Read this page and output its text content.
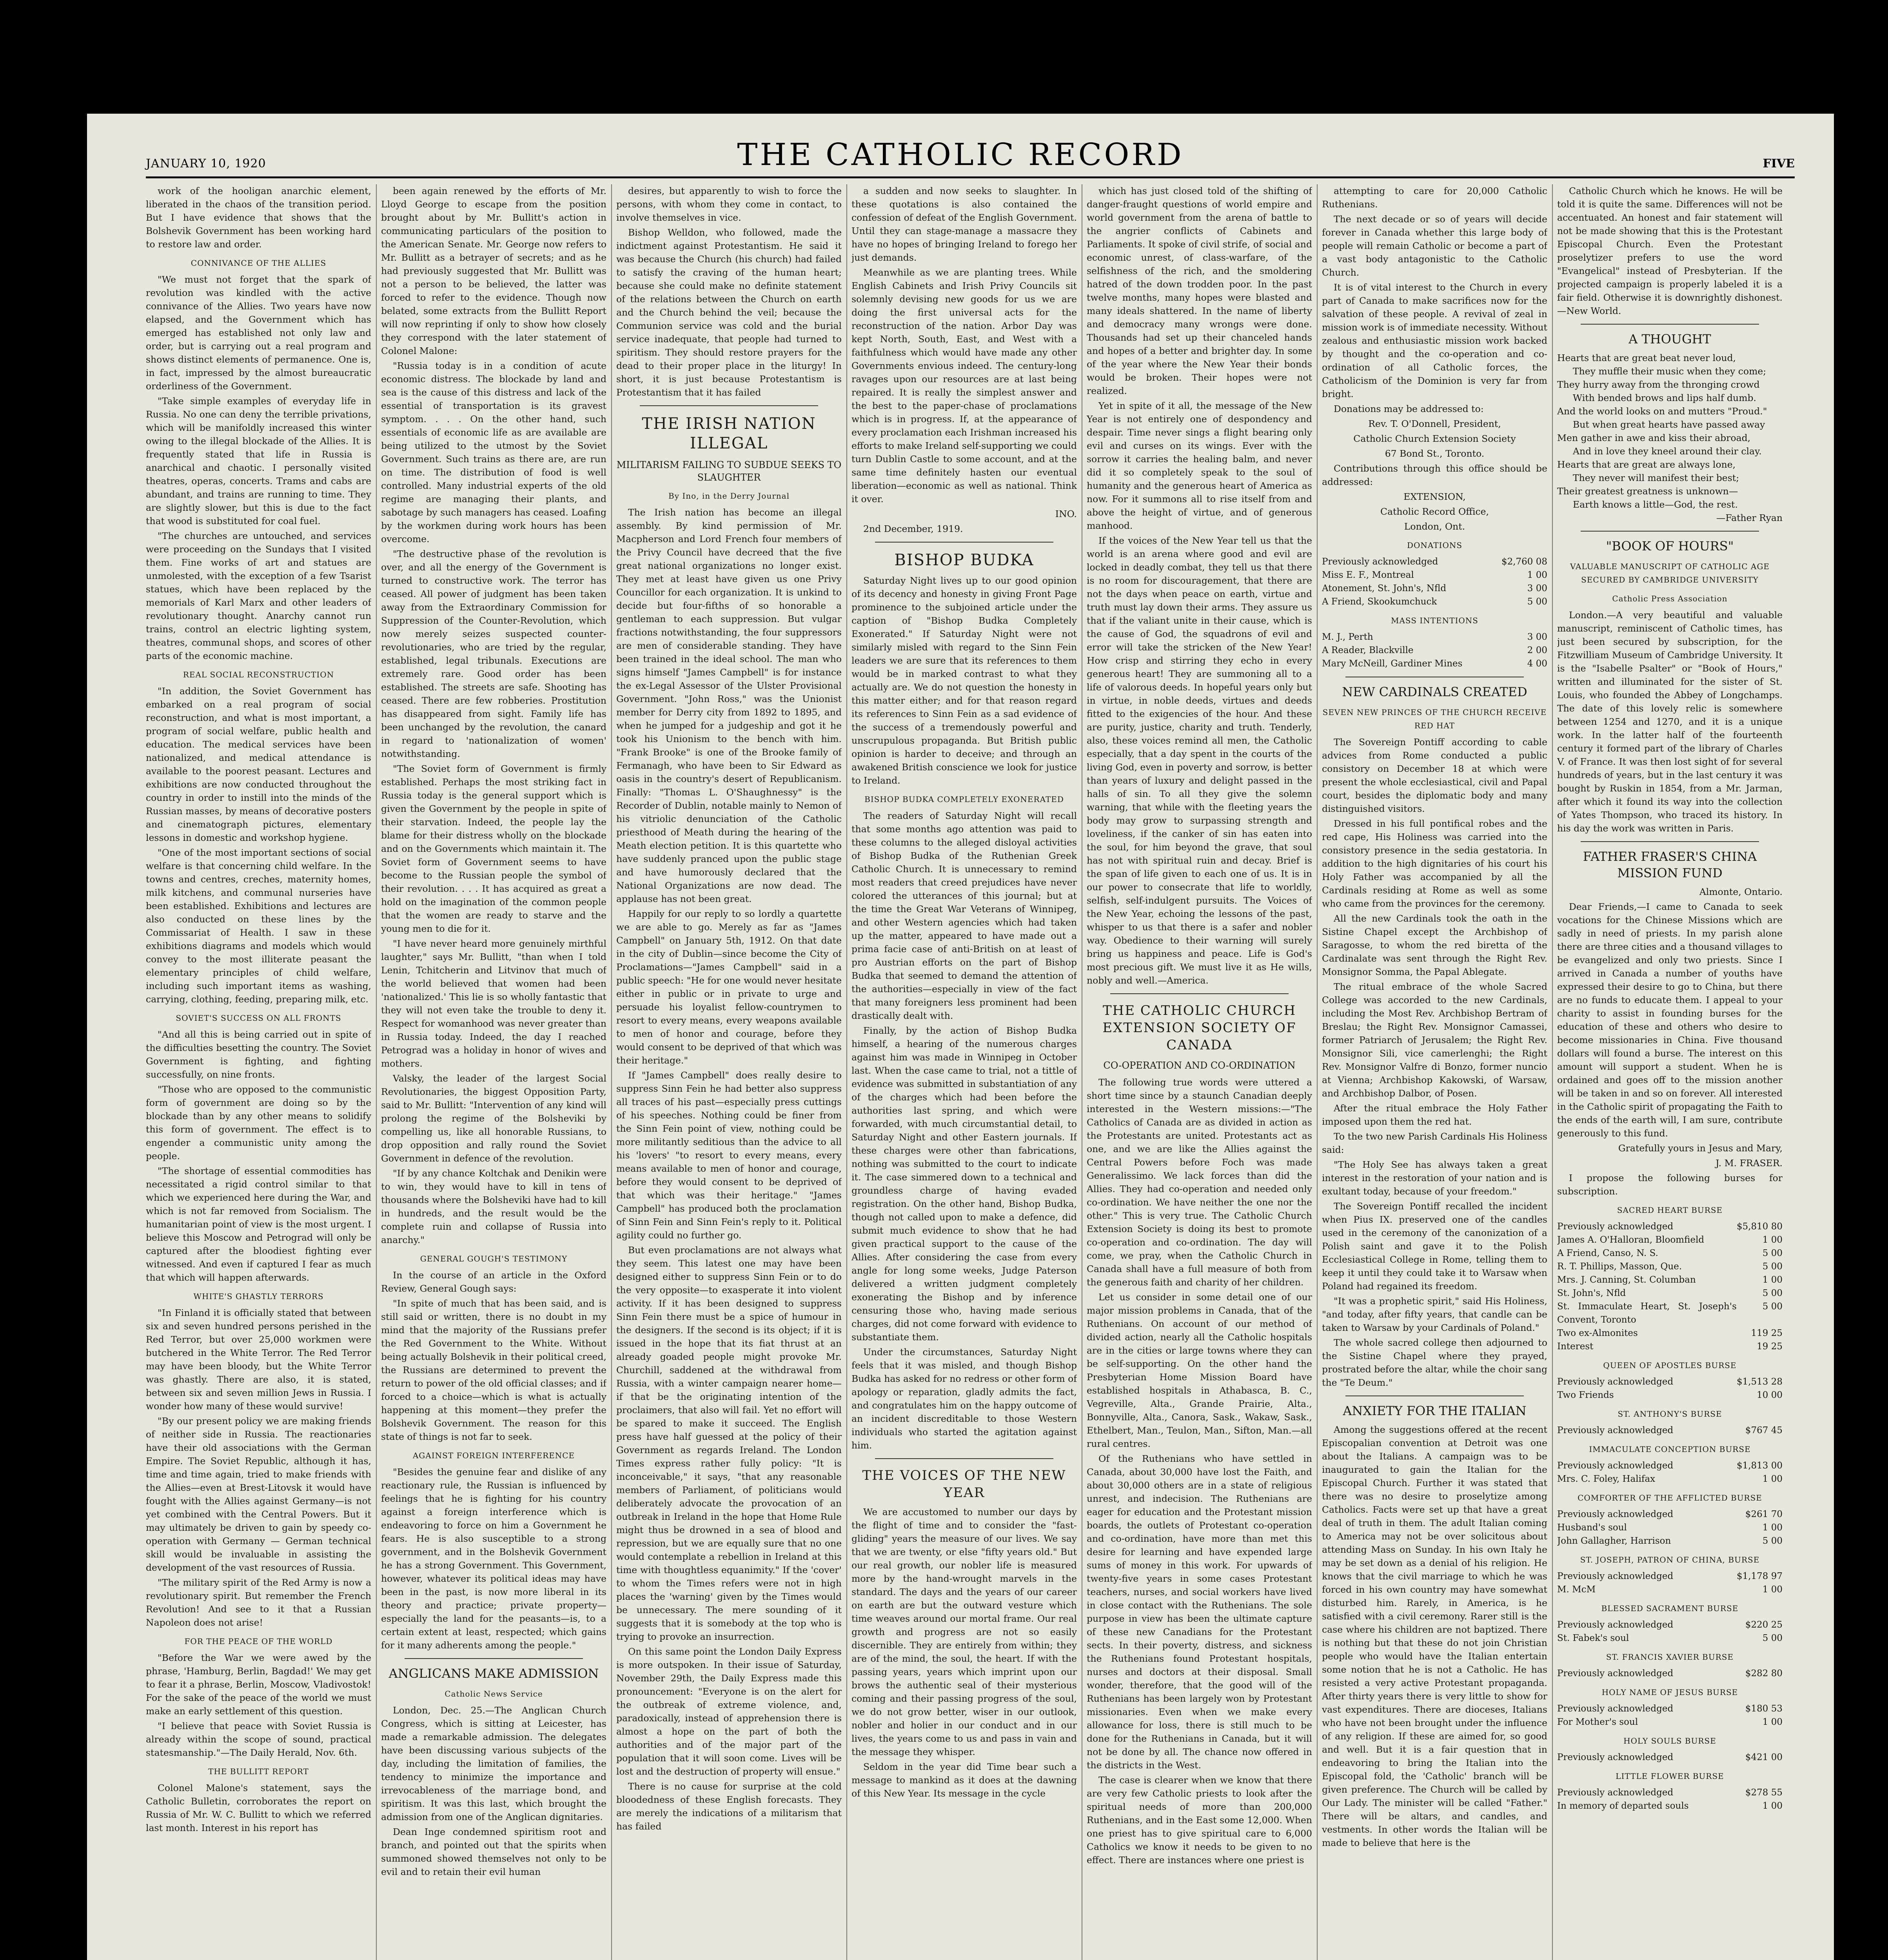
JANUARY 10, 1920	THE CATHOLIC RECORD	FIVE

work of the hooligan anarchic element, liberated in the chaos of the transition period. But I have evidence that shows that the Bolshevik Government has been working hard to restore law and order.

CONNIVANCE OF THE ALLIES

"We must not forget that the spark of revolution was kindled with the active connivance of the Allies. Two years have now elapsed, and the Government which has emerged has established not only law and order, but is carrying out a real program and shows distinct elements of permanence. One is, in fact, impressed by the almost bureaucratic orderliness of the Government.

"Take simple examples of everyday life in Russia. No one can deny the terrible privations, which will be manifoldly increased this winter owing to the illegal blockade of the Allies. It is frequently stated that life in Russia is anarchical and chaotic. I personally visited theatres, operas, concerts. Trams and cabs are abundant, and trains are running to time. They are slightly slower, but this is due to the fact that wood is substituted for coal fuel.

"The churches are untouched, and services were proceeding on the Sundays that I visited them. Fine works of art and statues are unmolested, with the exception of a few Tsarist statues, which have been replaced by the memorials of Karl Marx and other leaders of revolutionary thought. Anarchy cannot run trains, control an electric lighting system, theatres, communal shops, and scores of other parts of the economic machine.

REAL SOCIAL RECONSTRUCTION

"In addition, the Soviet Government has embarked on a real program of social reconstruction, and what is most important, a program of social welfare, public health and education. The medical services have been nationalized, and medical attendance is available to the poorest peasant. Lectures and exhibitions are now conducted throughout the country in order to instill into the minds of the Russian masses, by means of decorative posters and cinematograph pictures, elementary lessons in domestic and workshop hygiene.

"One of the most important sections of social welfare is that concerning child welfare. In the towns and centres, creches, maternity homes, milk kitchens, and communal nurseries have been established. Exhibitions and lectures are also conducted on these lines by the Commissariat of Health. I saw in these exhibitions diagrams and models which would convey to the most illiterate peasant the elementary principles of child welfare, including such important items as washing, carrying, clothing, feeding, preparing milk, etc.

SOVIET'S SUCCESS ON ALL FRONTS

"And all this is being carried out in spite of the difficulties besetting the country. The Soviet Government is fighting, and fighting successfully, on nine fronts.

"Those who are opposed to the communistic form of government are doing so by the blockade than by any other means to solidify this form of government. The effect is to engender a communistic unity among the people.

"The shortage of essential commodities has necessitated a rigid control similar to that which we experienced here during the War, and which is not far removed from Socialism. The humanitarian point of view is the most urgent. I believe this Moscow and Petrograd will only be captured after the bloodiest fighting ever witnessed. And even if captured I fear as much that which will happen afterwards.

WHITE'S GHASTLY TERRORS

"In Finland it is officially stated that between six and seven hundred persons perished in the Red Terror, but over 25,000 workmen were butchered in the White Terror. The Red Terror may have been bloody, but the White Terror was ghastly. There are also, it is stated, between six and seven million Jews in Russia. I wonder how many of these would survive!

"By our present policy we are making friends of neither side in Russia. The reactionaries have their old associations with the German Empire. The Soviet Republic, although it has, time and time again, tried to make friends with the Allies—even at Brest-Litovsk it would have fought with the Allies against Germany—is not yet combined with the Central Powers. But it may ultimately be driven to gain by speedy co-operation with Germany — German technical skill would be invaluable in assisting the development of the vast resources of Russia.

"The military spirit of the Red Army is now a revolutionary spirit. But remember the French Revolution! And see to it that a Russian Napoleon does not arise!

FOR THE PEACE OF THE WORLD

"Before the War we were awed by the phrase, 'Hamburg, Berlin, Bagdad!' We may get to fear it a phrase, Berlin, Moscow, Vladivostok! For the sake of the peace of the world we must make an early settlement of this question.

"I believe that peace with Soviet Russia is already within the scope of sound, practical statesmanship."—The Daily Herald, Nov. 6th.

THE BULLITT REPORT

Colonel Malone's statement, says the Catholic Bulletin, corroborates the report on Russia of Mr. W. C. Bullitt to which we referred last month. Interest in his report has

been again renewed by the efforts of Mr. Lloyd George to escape from the position brought about by Mr. Bullitt's action in communicating particulars of the position to the American Senate. Mr. George now refers to Mr. Bullitt as a betrayer of secrets; and as he had previously suggested that Mr. Bullitt was not a person to be believed, the latter was forced to refer to the evidence. Though now belated, some extracts from the Bullitt Report will now reprinting if only to show how closely they correspond with the later statement of Colonel Malone:

"Russia today is in a condition of acute economic distress. The blockade by land and sea is the cause of this distress and lack of the essential of transportation is its gravest symptom. . . . On the other hand, such essentials of economic life as are available are being utilized to the utmost by the Soviet Government. Such trains as there are, are run on time. The distribution of food is well controlled. Many industrial experts of the old regime are managing their plants, and sabotage by such managers has ceased. Loafing by the workmen during work hours has been overcome.

"The destructive phase of the revolution is over, and all the energy of the Government is turned to constructive work. The terror has ceased. All power of judgment has been taken away from the Extraordinary Commission for Suppression of the Counter-Revolution, which now merely seizes suspected counter-revolutionaries, who are tried by the regular, established, legal tribunals. Executions are extremely rare. Good order has been established. The streets are safe. Shooting has ceased. There are few robberies. Prostitution has disappeared from sight. Family life has been unchanged by the revolution, the canard in regard to 'nationalization of women' notwithstanding.

"The Soviet form of Government is firmly established. Perhaps the most striking fact in Russia today is the general support which is given the Government by the people in spite of their starvation. Indeed, the people lay the blame for their distress wholly on the blockade and on the Governments which maintain it. The Soviet form of Government seems to have become to the Russian people the symbol of their revolution. . . . It has acquired as great a hold on the imagination of the common people that the women are ready to starve and the young men to die for it.

"I have never heard more genuinely mirthful laughter," says Mr. Bullitt, "than when I told Lenin, Tchitcherin and Litvinov that much of the world believed that women had been 'nationalized.' This lie is so wholly fantastic that they will not even take the trouble to deny it. Respect for womanhood was never greater than in Russia today. Indeed, the day I reached Petrograd was a holiday in honor of wives and mothers.

Valsky, the leader of the largest Social Revolutionaries, the biggest Opposition Party, said to Mr. Bullitt: "Intervention of any kind will prolong the regime of the Bolsheviki by compelling us, like all honorable Russians, to drop opposition and rally round the Soviet Government in defence of the revolution.

"If by any chance Koltchak and Denikin were to win, they would have to kill in tens of thousands where the Bolsheviki have had to kill in hundreds, and the result would be the complete ruin and collapse of Russia into anarchy."

GENERAL GOUGH'S TESTIMONY

In the course of an article in the Oxford Review, General Gough says:

"In spite of much that has been said, and is still said or written, there is no doubt in my mind that the majority of the Russians prefer the Red Government to the White. Without being actually Bolshevik in their political creed, the Russians are determined to prevent the return to power of the old official classes; and if forced to a choice—which is what is actually happening at this moment—they prefer the Bolshevik Government. The reason for this state of things is not far to seek.

AGAINST FOREIGN INTERFERENCE

"Besides the genuine fear and dislike of any reactionary rule, the Russian is influenced by feelings that he is fighting for his country against a foreign interference which is endeavoring to force on him a Government he fears. He is also susceptible to a strong government, and in the Bolshevik Government he has a strong Government. This Government, however, whatever its political ideas may have been in the past, is now more liberal in its theory and practice; private property—especially the land for the peasants—is, to a certain extent at least, respected; which gains for it many adherents among the people."

ANGLICANS MAKE ADMISSION

Catholic News Service

London, Dec. 25.—The Anglican Church Congress, which is sitting at Leicester, has made a remarkable admission. The delegates have been discussing various subjects of the day, including the limitation of families, the tendency to minimize the importance and irrevocableness of the marriage bond, and spiritism. It was this last, which brought the admission from one of the Anglican dignitaries.

Dean Inge condemned spiritism root and branch, and pointed out that the spirits when summoned showed themselves not only to be evil and to retain their evil human

desires, but apparently to wish to force the persons, with whom they come in contact, to involve themselves in vice.

Bishop Welldon, who followed, made the indictment against Protestantism. He said it was because the Church (his church) had failed to satisfy the craving of the human heart; because she could make no definite statement of the relations between the Church on earth and the Church behind the veil; because the Communion service was cold and the burial service inadequate, that people had turned to spiritism. They should restore prayers for the dead to their proper place in the liturgy! In short, it is just because Protestantism is Protestantism that it has failed

THE IRISH NATION ILLEGAL

MILITARISM FAILING TO SUBDUE SEEKS TO SLAUGHTER

By Ino, in the Derry Journal

The Irish nation has become an illegal assembly. By kind permission of Mr. Macpherson and Lord French four members of the Privy Council have decreed that the five great national organizations no longer exist. They met at least have given us one Privy Councillor for each organization. It is unkind to decide but four-fifths of so honorable a gentleman to each suppression. But vulgar fractions notwithstanding, the four suppressors are men of considerable standing. They have been trained in the ideal school. The man who signs himself "James Campbell" is for instance the ex-Legal Assessor of the Ulster Provisional Government. "John Ross," was the Unionist member for Derry city from 1892 to 1895, and when he jumped for a judgeship and got it he took his Unionism to the bench with him. "Frank Brooke" is one of the Brooke family of Fermanagh, who have been to Sir Edward as oasis in the country's desert of Republicanism. Finally: "Thomas L. O'Shaughnessy" is the Recorder of Dublin, notable mainly to Nemon of his vitriolic denunciation of the Catholic priesthood of Meath during the hearing of the Meath election petition. It is this quartette who have suddenly pranced upon the public stage and have humorously declared that the National Organizations are now dead. The applause has not been great.

Happily for our reply to so lordly a quartette we are able to go. Merely as far as "James Campbell" on January 5th, 1912. On that date in the city of Dublin—since become the City of Proclamations—"James Campbell" said in a public speech: "He for one would never hesitate either in public or in private to urge and persuade his loyalist fellow-countrymen to resort to every means, every weapons available to men of honor and courage, before they would consent to be deprived of that which was their heritage."

If "James Campbell" does really desire to suppress Sinn Fein he had better also suppress all traces of his past—especially press cuttings of his speeches. Nothing could be finer from the Sinn Fein point of view, nothing could be more militantly seditious than the advice to all his 'lovers' "to resort to every means, every means available to men of honor and courage, before they would consent to be deprived of that which was their heritage." "James Campbell" has produced both the proclamation of Sinn Fein and Sinn Fein's reply to it. Political agility could no further go.

But even proclamations are not always what they seem. This latest one may have been designed either to suppress Sinn Fein or to do the very opposite—to exasperate it into violent activity. If it has been designed to suppress Sinn Fein there must be a spice of humour in the designers. If the second is its object; if it is issued in the hope that its fiat thrust at an already goaded people might provoke Mr. Churchill, saddened at the withdrawal from Russia, with a winter campaign nearer home—if that be the originating intention of the proclaimers, that also will fail. Yet no effort will be spared to make it succeed. The English press have half guessed at the policy of their Government as regards Ireland. The London Times express rather fully policy: "It is inconceivable," it says, "that any reasonable members of Parliament, of politicians would deliberately advocate the provocation of an outbreak in Ireland in the hope that Home Rule might thus be drowned in a sea of blood and repression, but we are equally sure that no one would contemplate a rebellion in Ireland at this time with thoughtless equanimity." If the 'cover' to whom the Times refers were not in high places the 'warning' given by the Times would be unnecessary. The mere sounding of it suggests that it is somebody at the top who is trying to provoke an insurrection.

On this same point the London Daily Express is more outspoken. In their issue of Saturday, November 29th, the Daily Express made this pronouncement: "Everyone is on the alert for the outbreak of extreme violence, and, paradoxically, instead of apprehension there is almost a hope on the part of both the authorities and of the major part of the population that it will soon come. Lives will be lost and the destruction of property will ensue."

There is no cause for surprise at the cold bloodedness of these English forecasts. They are merely the indications of a militarism that has failed

a sudden and now seeks to slaughter. In these quotations is also contained the confession of defeat of the English Government. Until they can stage-manage a massacre they have no hopes of bringing Ireland to forego her just demands.

Meanwhile as we are planting trees. While English Cabinets and Irish Privy Councils sit solemnly devising new goods for us we are doing the first universal acts for the reconstruction of the nation. Arbor Day was kept North, South, East, and West with a faithfulness which would have made any other Governments envious indeed. The century-long ravages upon our resources are at last being repaired. It is really the simplest answer and the best to the paper-chase of proclamations which is in progress. If, at the appearance of every proclamation each Irishman increased his efforts to make Ireland self-supporting we could turn Dublin Castle to some account, and at the same time definitely hasten our eventual liberation—economic as well as national. Think it over.

INO.

2nd December, 1919.

BISHOP BUDKA

Saturday Night lives up to our good opinion of its decency and honesty in giving Front Page prominence to the subjoined article under the caption of "Bishop Budka Completely Exonerated." If Saturday Night were not similarly misled with regard to the Sinn Fein leaders we are sure that its references to them would be in marked contrast to what they actually are. We do not question the honesty in this matter either; and for that reason regard its references to Sinn Fein as a sad evidence of the success of a tremendously powerful and unscrupulous propaganda. But British public opinion is harder to deceive; and through an awakened British conscience we look for justice to Ireland.

BISHOP BUDKA COMPLETELY EXONERATED

The readers of Saturday Night will recall that some months ago attention was paid to these columns to the alleged disloyal activities of Bishop Budka of the Ruthenian Greek Catholic Church. It is unnecessary to remind most readers that creed prejudices have never colored the utterances of this journal; but at the time the Great War Veterans of Winnipeg, and other Western agencies which had taken up the matter, appeared to have made out a prima facie case of anti-British on at least of pro Austrian efforts on the part of Bishop Budka that seemed to demand the attention of the authorities—especially in view of the fact that many foreigners less prominent had been drastically dealt with.

Finally, by the action of Bishop Budka himself, a hearing of the numerous charges against him was made in Winnipeg in October last. When the case came to trial, not a tittle of evidence was submitted in substantiation of any of the charges which had been before the authorities last spring, and which were forwarded, with much circumstantial detail, to Saturday Night and other Eastern journals. If these charges were other than fabrications, nothing was submitted to the court to indicate it. The case simmered down to a technical and groundless charge of having evaded registration. On the other hand, Bishop Budka, though not called upon to make a defence, did submit much evidence to show that he had given practical support to the cause of the Allies. After considering the case from every angle for long some weeks, Judge Paterson delivered a written judgment completely exonerating the Bishop and by inference censuring those who, having made serious charges, did not come forward with evidence to substantiate them.

Under the circumstances, Saturday Night feels that it was misled, and though Bishop Budka has asked for no redress or other form of apology or reparation, gladly admits the fact, and congratulates him on the happy outcome of an incident discreditable to those Western individuals who started the agitation against him.

THE VOICES OF THE NEW YEAR

We are accustomed to number our days by the flight of time and to consider the "fast-gliding" years the measure of our lives. We say that we are twenty, or else "fifty years old." But our real growth, our nobler life is measured more by the hand-wrought marvels in the standard. The days and the years of our career on earth are but the outward vesture which time weaves around our mortal frame. Our real growth and progress are not so easily discernible. They are entirely from within; they are of the mind, the soul, the heart. If with the passing years, years which imprint upon our brows the authentic seal of their mysterious coming and their passing progress of the soul, we do not grow better, wiser in our outlook, nobler and holier in our conduct and in our lives, the years come to us and pass in vain and the message they whisper.

Seldom in the year did Time bear such a message to mankind as it does at the dawning of this New Year. Its message in the cycle

which has just closed told of the shifting of danger-fraught questions of world empire and world government from the arena of battle to the angrier conflicts of Cabinets and Parliaments. It spoke of civil strife, of social and economic unrest, of class-warfare, of the selfishness of the rich, and the smoldering hatred of the down trodden poor. In the past twelve months, many hopes were blasted and many ideals shattered. In the name of liberty and democracy many wrongs were done. Thousands had set up their chanceled hands and hopes of a better and brighter day. In some of the year where the New Year their bonds would be broken. Their hopes were not realized.

Yet in spite of it all, the message of the New Year is not entirely one of despondency and despair. Time never sings a flight bearing only evil and curses on its wings. Ever with the sorrow it carries the healing balm, and never did it so completely speak to the soul of humanity and the generous heart of America as now. For it summons all to rise itself from and above the height of virtue, and of generous manhood.

If the voices of the New Year tell us that the world is an arena where good and evil are locked in deadly combat, they tell us that there is no room for discouragement, that there are not the days when peace on earth, virtue and truth must lay down their arms. They assure us that if the valiant unite in their cause, which is the cause of God, the squadrons of evil and error will take the stricken of the New Year! How crisp and stirring they echo in every generous heart! They are summoning all to a life of valorous deeds. In hopeful years only but in virtue, in noble deeds, virtues and deeds fitted to the exigencies of the hour. And these are purity, justice, charity and truth. Tenderly, also, these voices remind all men, the Catholic especially, that a day spent in the courts of the living God, even in poverty and sorrow, is better than years of luxury and delight passed in the halls of sin. To all they give the solemn warning, that while with the fleeting years the body may grow to surpassing strength and loveliness, if the canker of sin has eaten into the soul, for him beyond the grave, that soul has not with spiritual ruin and decay. Brief is the span of life given to each one of us. It is in our power to consecrate that life to worldly, selfish, self-indulgent pursuits. The Voices of the New Year, echoing the lessons of the past, whisper to us that there is a safer and nobler way. Obedience to their warning will surely bring us happiness and peace. Life is God's most precious gift. We must live it as He wills, nobly and well.—America.

THE CATHOLIC CHURCH EXTENSION SOCIETY OF CANADA

CO-OPERATION AND CO-ORDINATION

The following true words were uttered a short time since by a staunch Canadian deeply interested in the Western missions:—"The Catholics of Canada are as divided in action as the Protestants are united. Protestants act as one, and we are like the Allies against the Central Powers before Foch was made Generalissimo. We lack forces than did the Allies. They had co-operation and needed only co-ordination. We have neither the one nor the other." This is very true. The Catholic Church Extension Society is doing its best to promote co-operation and co-ordination. The day will come, we pray, when the Catholic Church in Canada shall have a full measure of both from the generous faith and charity of her children.

Let us consider in some detail one of our major mission problems in Canada, that of the Ruthenians. On account of our method of divided action, nearly all the Catholic hospitals are in the cities or large towns where they can be self-supporting. On the other hand the Presbyterian Home Mission Board have established hospitals in Athabasca, B. C., Vegreville, Alta., Grande Prairie, Alta., Bonnyville, Alta., Canora, Sask., Wakaw, Sask., Ethelbert, Man., Teulon, Man., Sifton, Man.—all rural centres.

Of the Ruthenians who have settled in Canada, about 30,000 have lost the Faith, and about 30,000 others are in a state of religious unrest, and indecision. The Ruthenians are eager for education and the Protestant mission boards, the outlets of Protestant co-operation and co-ordination, have more than met this desire for learning and have expended large sums of money in this work. For upwards of twenty-five years in some cases Protestant teachers, nurses, and social workers have lived in close contact with the Ruthenians. The sole purpose in view has been the ultimate capture of these new Canadians for the Protestant sects. In their poverty, distress, and sickness the Ruthenians found Protestant hospitals, nurses and doctors at their disposal. Small wonder, therefore, that the good will of the Ruthenians has been largely won by Protestant missionaries. Even when we make every allowance for loss, there is still much to be done for the Ruthenians in Canada, but it will not be done by all. The chance now offered in the districts in the West.

The case is clearer when we know that there are very few Catholic priests to look after the spiritual needs of more than 200,000 Ruthenians, and in the East some 12,000. When one priest has to give spiritual care to 6,000 Catholics we know it needs to be given to no effect. There are instances where one priest is

attempting to care for 20,000 Catholic Ruthenians.

The next decade or so of years will decide forever in Canada whether this large body of people will remain Catholic or become a part of a vast body antagonistic to the Catholic Church.

It is of vital interest to the Church in every part of Canada to make sacrifices now for the salvation of these people. A revival of zeal in mission work is of immediate necessity. Without zealous and enthusiastic mission work backed by thought and the co-operation and co-ordination of all Catholic forces, the Catholicism of the Dominion is very far from bright.

Donations may be addressed to:

Rev. T. O'Donnell, President,

Catholic Church Extension Society

67 Bond St., Toronto.

Contributions through this office should be addressed:

EXTENSION,

Catholic Record Office,

London, Ont.

DONATIONS

Previously acknowledged	$2,760 08
Miss E. F., Montreal	1 00
Atonement, St. John's, Nfld	3 00
A Friend, Skookumchuck	5 00

MASS INTENTIONS

M. J., Perth	3 00
A Reader, Blackville	2 00
Mary McNeill, Gardiner Mines	4 00

NEW CARDINALS CREATED

SEVEN NEW PRINCES OF THE CHURCH RECEIVE RED HAT

The Sovereign Pontiff according to cable advices from Rome conducted a public consistory on December 18 at which were present the whole ecclesiastical, civil and Papal court, besides the diplomatic body and many distinguished visitors.

Dressed in his full pontifical robes and the red cape, His Holiness was carried into the consistory presence in the sedia gestatoria. In addition to the high dignitaries of his court his Holy Father was accompanied by all the Cardinals residing at Rome as well as some who came from the provinces for the ceremony.

All the new Cardinals took the oath in the Sistine Chapel except the Archbishop of Saragosse, to whom the red biretta of the Cardinalate was sent through the Right Rev. Monsignor Somma, the Papal Ablegate.

The ritual embrace of the whole Sacred College was accorded to the new Cardinals, including the Most Rev. Archbishop Bertram of Breslau; the Right Rev. Monsignor Camassei, former Patriarch of Jerusalem; the Right Rev. Monsignor Sili, vice camerlenghi; the Right Rev. Monsignor Valfre di Bonzo, former nuncio at Vienna; Archbishop Kakowski, of Warsaw, and Archbishop Dalbor, of Posen.

After the ritual embrace the Holy Father imposed upon them the red hat.

To the two new Parish Cardinals His Holiness said:

"The Holy See has always taken a great interest in the restoration of your nation and is exultant today, because of your freedom."

The Sovereign Pontiff recalled the incident when Pius IX. preserved one of the candles used in the ceremony of the canonization of a Polish saint and gave it to the Polish Ecclesiastical College in Rome, telling them to keep it until they could take it to Warsaw when Poland had regained its freedom.

"It was a prophetic spirit," said His Holiness, "and today, after fifty years, that candle can be taken to Warsaw by your Cardinals of Poland."

The whole sacred college then adjourned to the Sistine Chapel where they prayed, prostrated before the altar, while the choir sang the "Te Deum."

ANXIETY FOR THE ITALIAN

Among the suggestions offered at the recent Episcopalian convention at Detroit was one about the Italians. A campaign was to be inaugurated to gain the Italian for the Episcopal Church. Further it was stated that there was no desire to proselytize among Catholics. Facts were set up that have a great deal of truth in them. The adult Italian coming to America may not be over solicitous about attending Mass on Sunday. In his own Italy he may be set down as a denial of his religion. He knows that the civil marriage to which he was forced in his own country may have somewhat disturbed him. Rarely, in America, is he satisfied with a civil ceremony. Rarer still is the case where his children are not baptized. There is nothing but that these do not join Christian people who would have the Italian entertain some notion that he is not a Catholic. He has resisted a very active Protestant propaganda. After thirty years there is very little to show for vast expenditures. There are dioceses, Italians who have not been brought under the influence of any religion. If these are aimed for, so good and well. But it is a fair question that in endeavoring to bring the Italian into the Episcopal fold, the 'Catholic' branch will be given preference. The Church will be called by Our Lady. The minister will be called "Father." There will be altars, and candles, and vestments. In other words the Italian will be made to believe that here is the

Catholic Church which he knows. He will be told it is quite the same. Differences will not be accentuated. An honest and fair statement will not be made showing that this is the Protestant Episcopal Church. Even the Protestant proselytizer prefers to use the word "Evangelical" instead of Presbyterian. If the projected campaign is properly labeled it is a fair field. Otherwise it is downrightly dishonest.—New World.

A THOUGHT

Hearts that are great beat never loud,
They muffle their music when they come;
They hurry away from the thronging crowd
With bended brows and lips half dumb.
And the world looks on and mutters "Proud."
But when great hearts have passed away
Men gather in awe and kiss their abroad,
And in love they kneel around their clay.
Hearts that are great are always lone,
They never will manifest their best;
Their greatest greatness is unknown—
Earth knows a little—God, the rest.

—Father Ryan

"BOOK OF HOURS"

VALUABLE MANUSCRIPT OF CATHOLIC AGE SECURED BY CAMBRIDGE UNIVERSITY

Catholic Press Association

London.—A very beautiful and valuable manuscript, reminiscent of Catholic times, has just been secured by subscription, for the Fitzwilliam Museum of Cambridge University. It is the "Isabelle Psalter" or "Book of Hours," written and illuminated for the sister of St. Louis, who founded the Abbey of Longchamps. The date of this lovely relic is somewhere between 1254 and 1270, and it is a unique work. In the latter half of the fourteenth century it formed part of the library of Charles V. of France. It was then lost sight of for several hundreds of years, but in the last century it was bought by Ruskin in 1854, from a Mr. Jarman, after which it found its way into the collection of Yates Thompson, who traced its history. In his day the work was written in Paris.

FATHER FRASER'S CHINA MISSION FUND

Almonte, Ontario.

Dear Friends,—I came to Canada to seek vocations for the Chinese Missions which are sadly in need of priests. In my parish alone there are three cities and a thousand villages to be evangelized and only two priests. Since I arrived in Canada a number of youths have expressed their desire to go to China, but there are no funds to educate them. I appeal to your charity to assist in founding burses for the education of these and others who desire to become missionaries in China. Five thousand dollars will found a burse. The interest on this amount will support a student. When he is ordained and goes off to the mission another will be taken in and so on forever. All interested in the Catholic spirit of propagating the Faith to the ends of the earth will, I am sure, contribute generously to this fund.

Gratefully yours in Jesus and Mary,

J. M. FRASER.

I propose the following burses for subscription.

SACRED HEART BURSE

Previously acknowledged	$5,810 80
James A. O'Halloran, Bloomfield	1 00
A Friend, Canso, N. S.	5 00
R. T. Phillips, Masson, Que.	5 00
Mrs. J. Canning, St. Columban	1 00
St. John's, Nfld	5 00
St. Immaculate Heart, St. Joseph's Convent, Toronto	5 00
Two ex-Almonites	119 25
Interest	19 25

QUEEN OF APOSTLES BURSE

Previously acknowledged	$1,513 28
Two Friends	10 00

ST. ANTHONY'S BURSE

Previously acknowledged	$767 45

IMMACULATE CONCEPTION BURSE

Previously acknowledged	$1,813 00
Mrs. C. Foley, Halifax	1 00

COMFORTER OF THE AFFLICTED BURSE

Previously acknowledged	$261 70
Husband's soul	1 00
John Gallagher, Harrison	5 00

ST. JOSEPH, PATRON OF CHINA, BURSE

Previously acknowledged	$1,178 97
M. McM	1 00

BLESSED SACRAMENT BURSE

Previously acknowledged	$220 25
St. Fabek's soul	5 00

ST. FRANCIS XAVIER BURSE

Previously acknowledged	$282 80

HOLY NAME OF JESUS BURSE

Previously acknowledged	$180 53
For Mother's soul	1 00

HOLY SOULS BURSE

Previously acknowledged	$421 00

LITTLE FLOWER BURSE

Previously acknowledged	$278 55
In memory of departed souls	1 00
